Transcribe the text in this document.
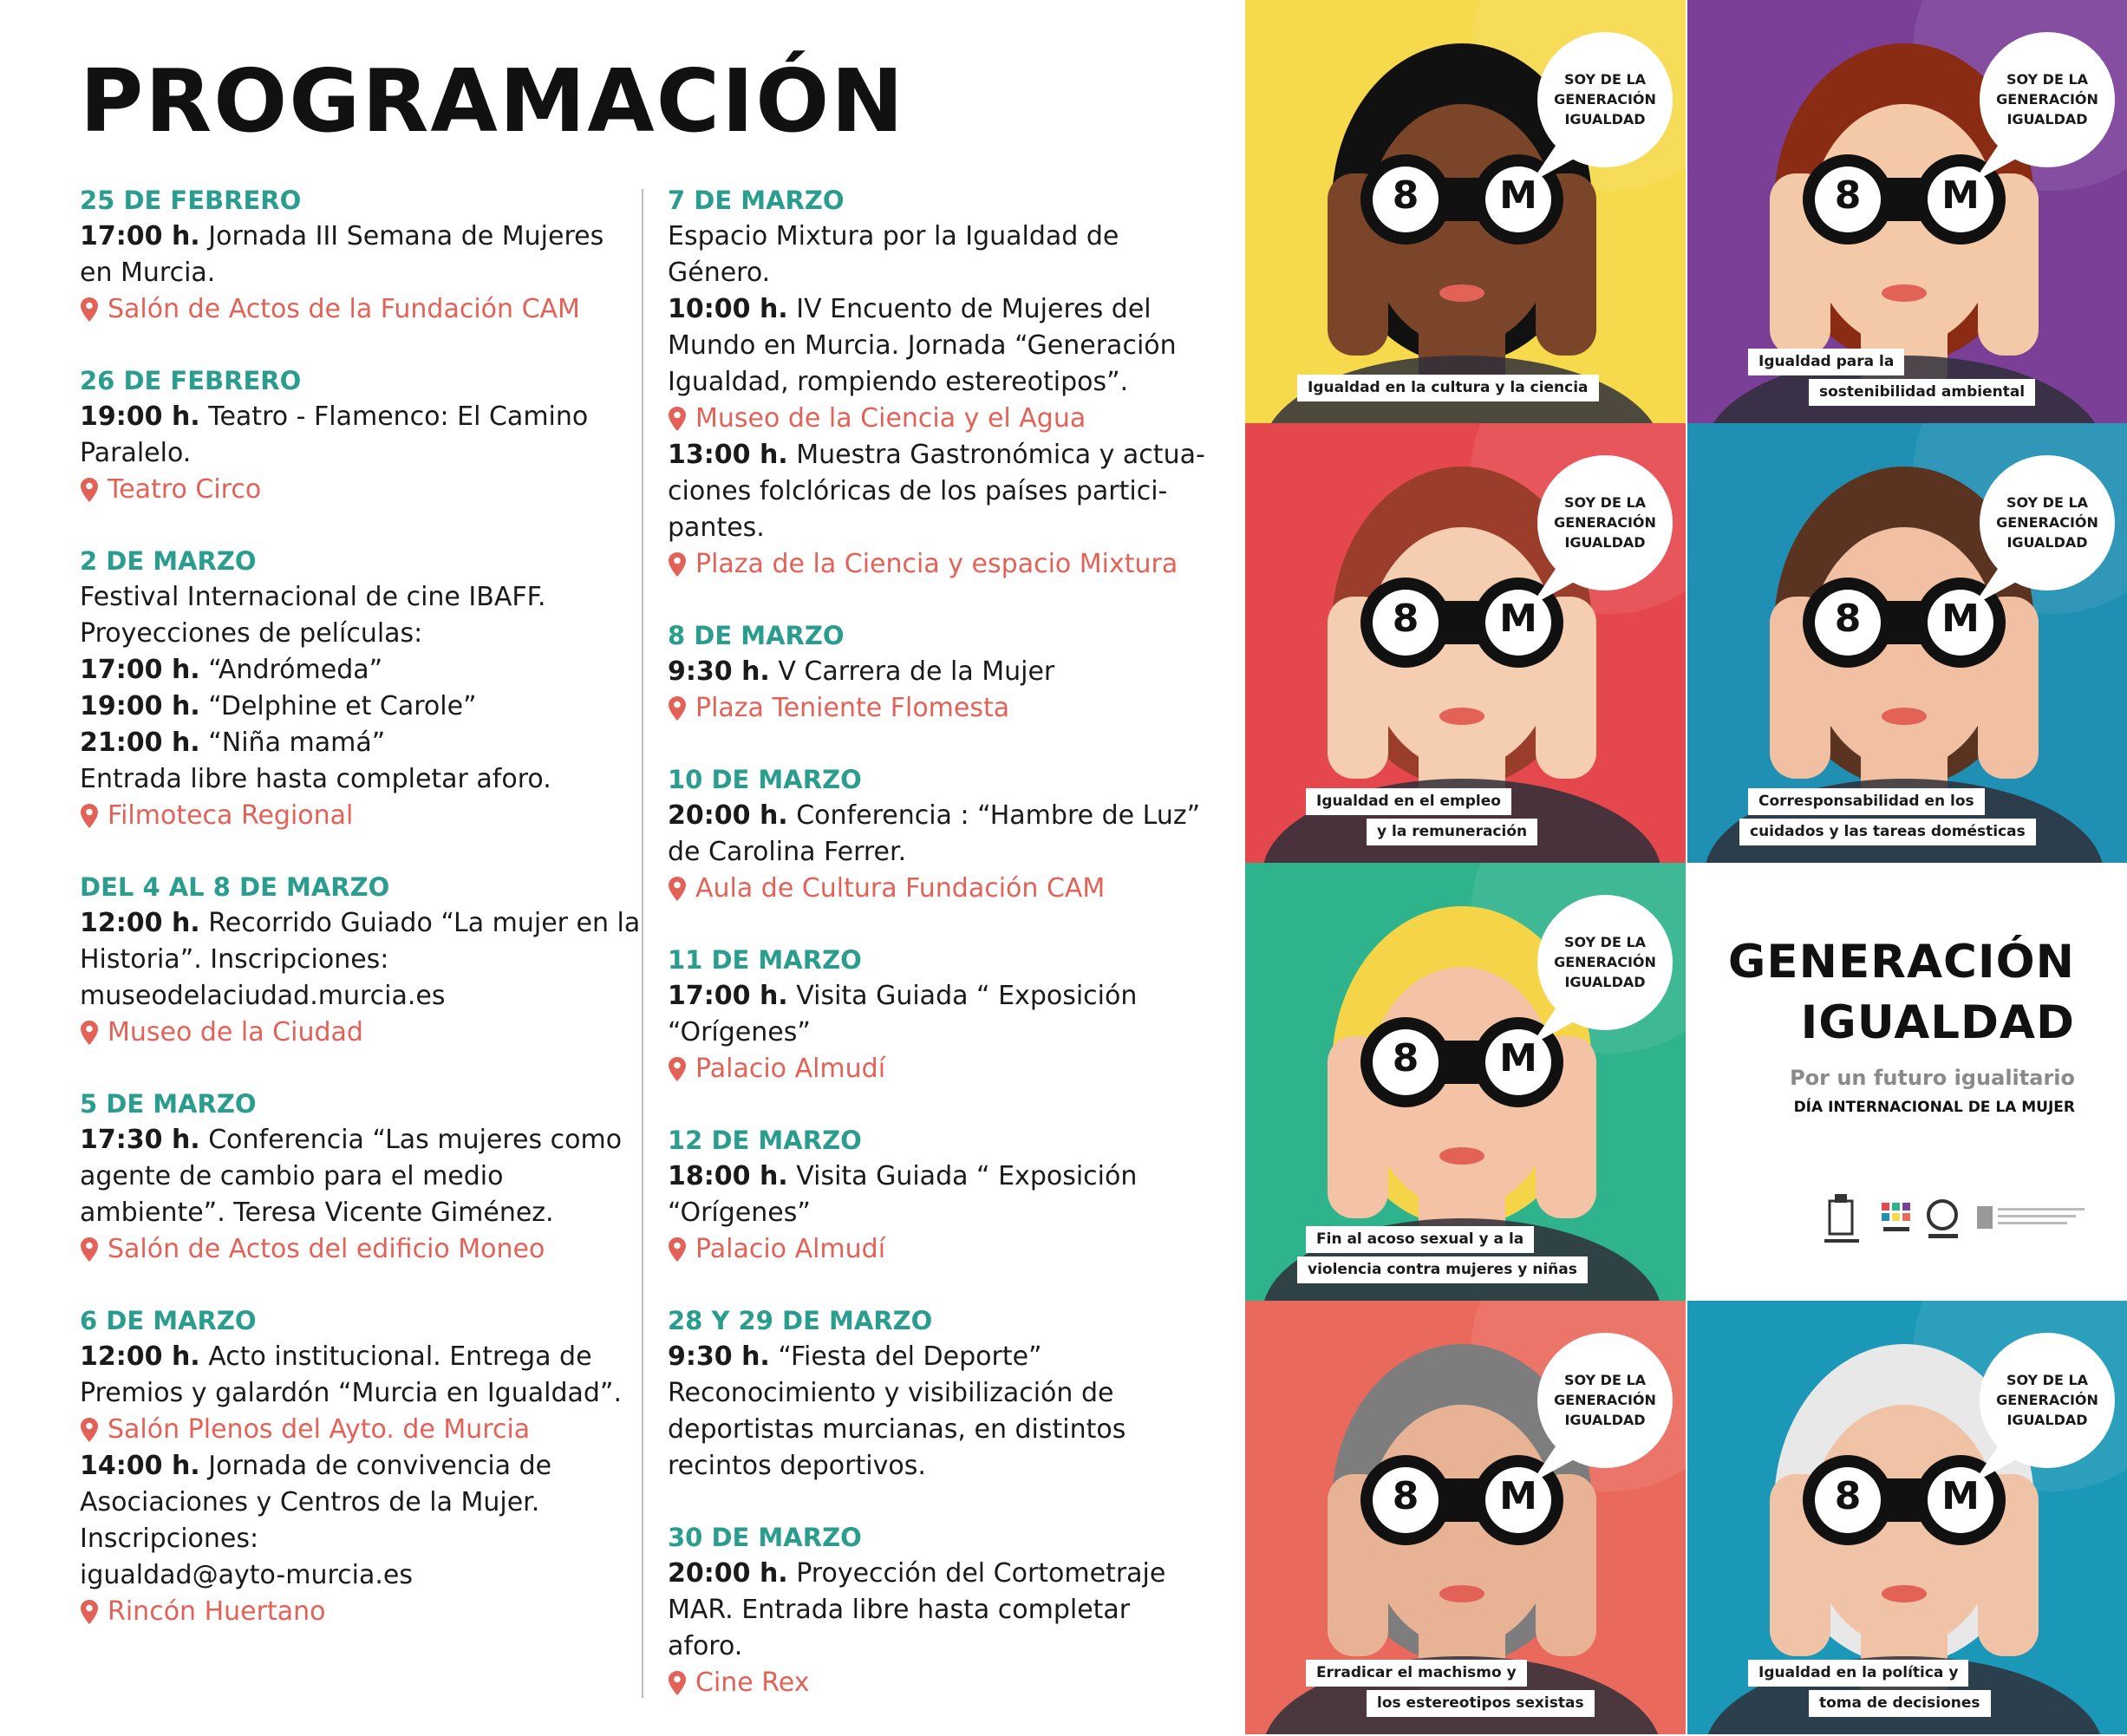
PROGRAMACIÓN
25 DE FEBRERO
17:00 h. Jornada III Semana de Mujeres
en Murcia.
Salón de Actos de la Fundación CAM
26 DE FEBRERO
19:00 h. Teatro - Flamenco: El Camino
Paralelo.
Teatro Circo
2 DE MARZO
Festival Internacional de cine IBAFF.
Proyecciones de películas:
17:00 h. “Andrómeda”
19:00 h. “Delphine et Carole”
21:00 h. “Niña mamá”
Entrada libre hasta completar aforo.
Filmoteca Regional
DEL 4 AL 8 DE MARZO
12:00 h. Recorrido Guiado “La mujer en la
Historia”. Inscripciones:
museodelaciudad.murcia.es
Museo de la Ciudad
5 DE MARZO
17:30 h. Conferencia “Las mujeres como
agente de cambio para el medio
ambiente”. Teresa Vicente Giménez.
Salón de Actos del edificio Moneo
6 DE MARZO
12:00 h. Acto institucional. Entrega de
Premios y galardón “Murcia en Igualdad”.
Salón Plenos del Ayto. de Murcia
14:00 h. Jornada de convivencia de
Asociaciones y Centros de la Mujer.
Inscripciones:
igualdad@ayto-murcia.es
Rincón Huertano
7 DE MARZO
Espacio Mixtura por la Igualdad de
Género.
10:00 h. IV Encuento de Mujeres del
Mundo en Murcia. Jornada “Generación
Igualdad, rompiendo estereotipos”.
Museo de la Ciencia y el Agua
13:00 h. Muestra Gastronómica y actua-
ciones folclóricas de los países partici-
pantes.
Plaza de la Ciencia y espacio Mixtura
8 DE MARZO
9:30 h. V Carrera de la Mujer
Plaza Teniente Flomesta
10 DE MARZO
20:00 h. Conferencia : “Hambre de Luz”
de Carolina Ferrer.
Aula de Cultura Fundación CAM
11 DE MARZO
17:00 h. Visita Guiada “ Exposición
“Orígenes”
Palacio Almudí
12 DE MARZO
18:00 h. Visita Guiada “ Exposición
“Orígenes”
Palacio Almudí
28 Y 29 DE MARZO
9:30 h. “Fiesta del Deporte”
Reconocimiento y visibilización de
deportistas murcianas, en distintos
recintos deportivos.
30 DE MARZO
20:00 h. Proyección del Cortometraje
MAR. Entrada libre hasta completar
aforo.
Cine Rex
8	M
SOY DE LA GENERACIÓN IGUALDAD
Igualdad en la cultura y la ciencia
8	M
SOY DE LA GENERACIÓN IGUALDAD
Igualdad para la
sostenibilidad ambiental
8	M
SOY DE LA GENERACIÓN IGUALDAD
Igualdad en el empleo
y la remuneración
8	M
SOY DE LA GENERACIÓN IGUALDAD
Corresponsabilidad en los
cuidados y las tareas domésticas
8	M
SOY DE LA GENERACIÓN IGUALDAD
Fin al acoso sexual y a la
violencia contra mujeres y niñas
8	M
SOY DE LA GENERACIÓN IGUALDAD
Erradicar el machismo y
los estereotipos sexistas
8	M
SOY DE LA GENERACIÓN IGUALDAD
Igualdad en la política y
toma de decisiones
GENERACIÓN
IGUALDAD
Por un futuro igualitario
DÍA INTERNACIONAL DE LA MUJER
